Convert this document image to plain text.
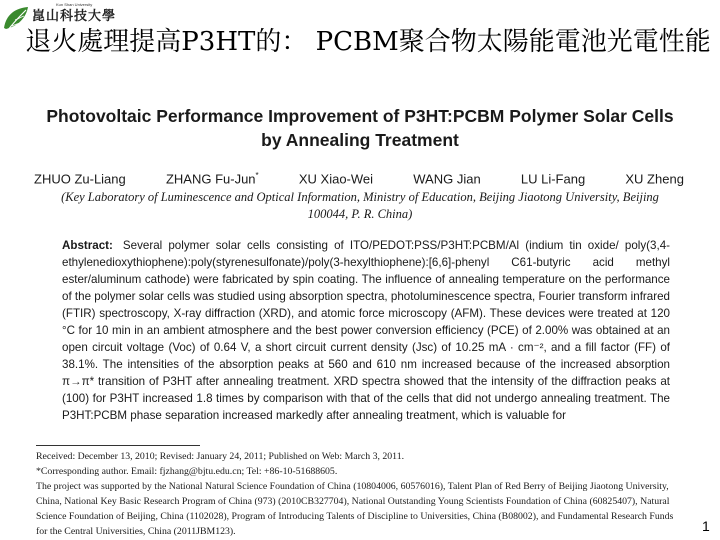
崑山科技大學
Kun Shan University
退火處理提高P3HT的： PCBM聚合物太陽能電池光電性能
Photovoltaic Performance Improvement of P3HT:PCBM Polymer Solar Cells by Annealing Treatment
ZHUO Zu-Liang	ZHANG Fu-Jun*	XU Xiao-Wei	WANG Jian	LU Li-Fang	XU Zheng
(Key Laboratory of Luminescence and Optical Information, Ministry of Education, Beijing Jiaotong University, Beijing 100044, P. R. China)
Abstract: Several polymer solar cells consisting of ITO/PEDOT:PSS/P3HT:PCBM/Al (indium tin oxide/ poly(3,4-ethylenedioxythiophene):poly(styrenesulfonate)/poly(3-hexylthiophene):[6,6]-phenyl C61-butyric acid methyl ester/aluminum cathode) were fabricated by spin coating. The influence of annealing temperature on the performance of the polymer solar cells was studied using absorption spectra, photoluminescence spectra, Fourier transform infrared (FTIR) spectroscopy, X-ray diffraction (XRD), and atomic force microscopy (AFM). These devices were treated at 120 °C for 10 min in an ambient atmosphere and the best power conversion efficiency (PCE) of 2.00% was obtained at an open circuit voltage (Voc) of 0.64 V, a short circuit current density (Jsc) of 10.25 mA · cm⁻², and a fill factor (FF) of 38.1%. The intensities of the absorption peaks at 560 and 610 nm increased because of the increased absorption π→π* transition of P3HT after annealing treatment. XRD spectra showed that the intensity of the diffraction peaks at (100) for P3HT increased 1.8 times by comparison with that of the cells that did not undergo annealing treatment. The P3HT:PCBM phase separation increased markedly after annealing treatment, which is valuable for

Received: December 13, 2010; Revised: January 24, 2011; Published on Web: March 3, 2011.

*Corresponding author. Email: fjzhang@bjtu.edu.cn; Tel: +86-10-51688605.

The project was supported by the National Natural Science Foundation of China (10804006, 60576016), Talent Plan of Red Berry of Beijing Jiaotong University, China, National Key Basic Research Program of China (973) (2010CB327704), National Outstanding Young Scientists Foundation of China (60825407), Natural Science Foundation of Beijing, China (1102028), Program of Introducing Talents of Discipline to Universities, China (B08002), and Fundamental Research Funds for the Central Universities, China (2011JBM123).	1
